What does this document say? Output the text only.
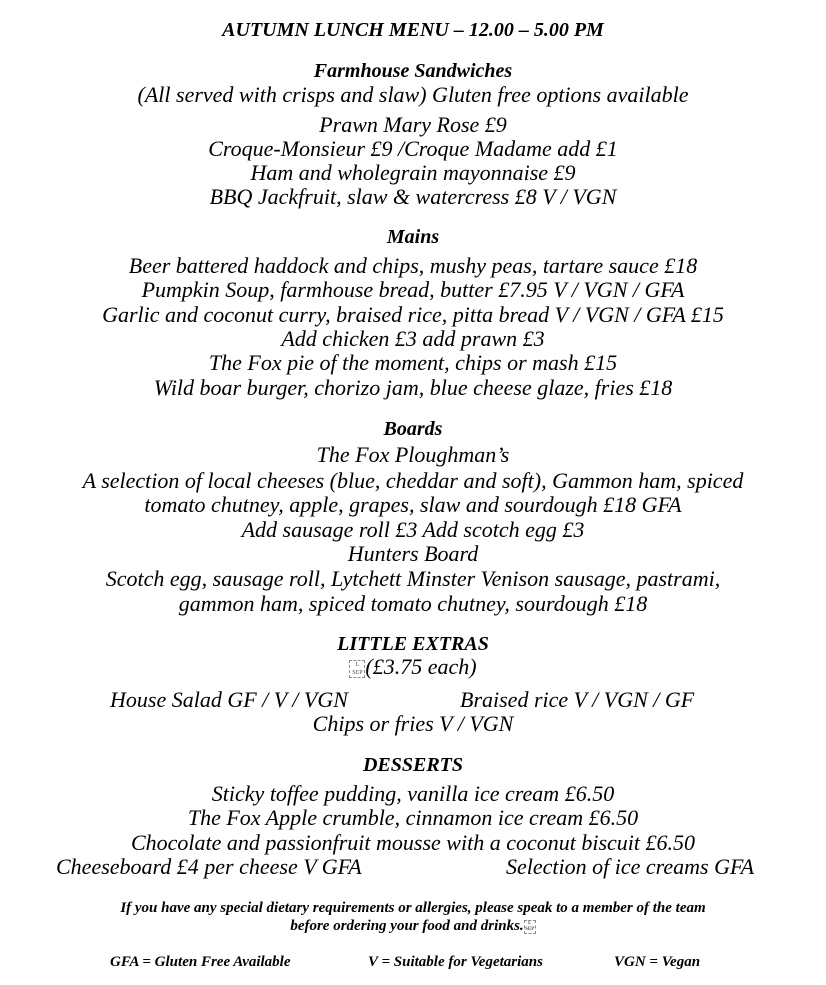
AUTUMN LUNCH MENU – 12.00 – 5.00 PM
Farmhouse Sandwiches
(All served with crisps and slaw) Gluten free options available
Prawn Mary Rose £9
Croque-Monsieur £9 /Croque Madame add £1
Ham and wholegrain mayonnaise £9
BBQ Jackfruit, slaw & watercress £8 V / VGN
Mains
Beer battered haddock and chips, mushy peas, tartare sauce £18
Pumpkin Soup, farmhouse bread, butter £7.95 V / VGN / GFA
Garlic and coconut curry, braised rice, pitta bread V / VGN / GFA £15
Add chicken £3 add prawn £3
The Fox pie of the moment, chips or mash £15
Wild boar burger, chorizo jam, blue cheese glaze, fries £18
Boards
The Fox Ploughman’s
A selection of local cheeses (blue, cheddar and soft), Gammon ham, spiced
tomato chutney, apple, grapes, slaw and sourdough £18 GFA
Add sausage roll £3 Add scotch egg £3
Hunters Board
Scotch egg, sausage roll, Lytchett Minster Venison sausage, pastrami,
gammon ham, spiced tomato chutney, sourdough £18
LITTLE EXTRAS
L
SEP (£3.75 each)
House Salad GF / V / VGN	Braised rice V / VGN / GF
Chips or fries V / VGN
DESSERTS
Sticky toffee pudding, vanilla ice cream £6.50
The Fox Apple crumble, cinnamon ice cream £6.50
Chocolate and passionfruit mousse with a coconut biscuit £6.50
Cheeseboard £4 per cheese V GFA	Selection of ice creams GFA
If you have any special dietary requirements or allergies, please speak to a member of the team
before ordering your food and drinks. L
SEP
GFA = Gluten Free Available	V = Suitable for Vegetarians	VGN = Vegan
